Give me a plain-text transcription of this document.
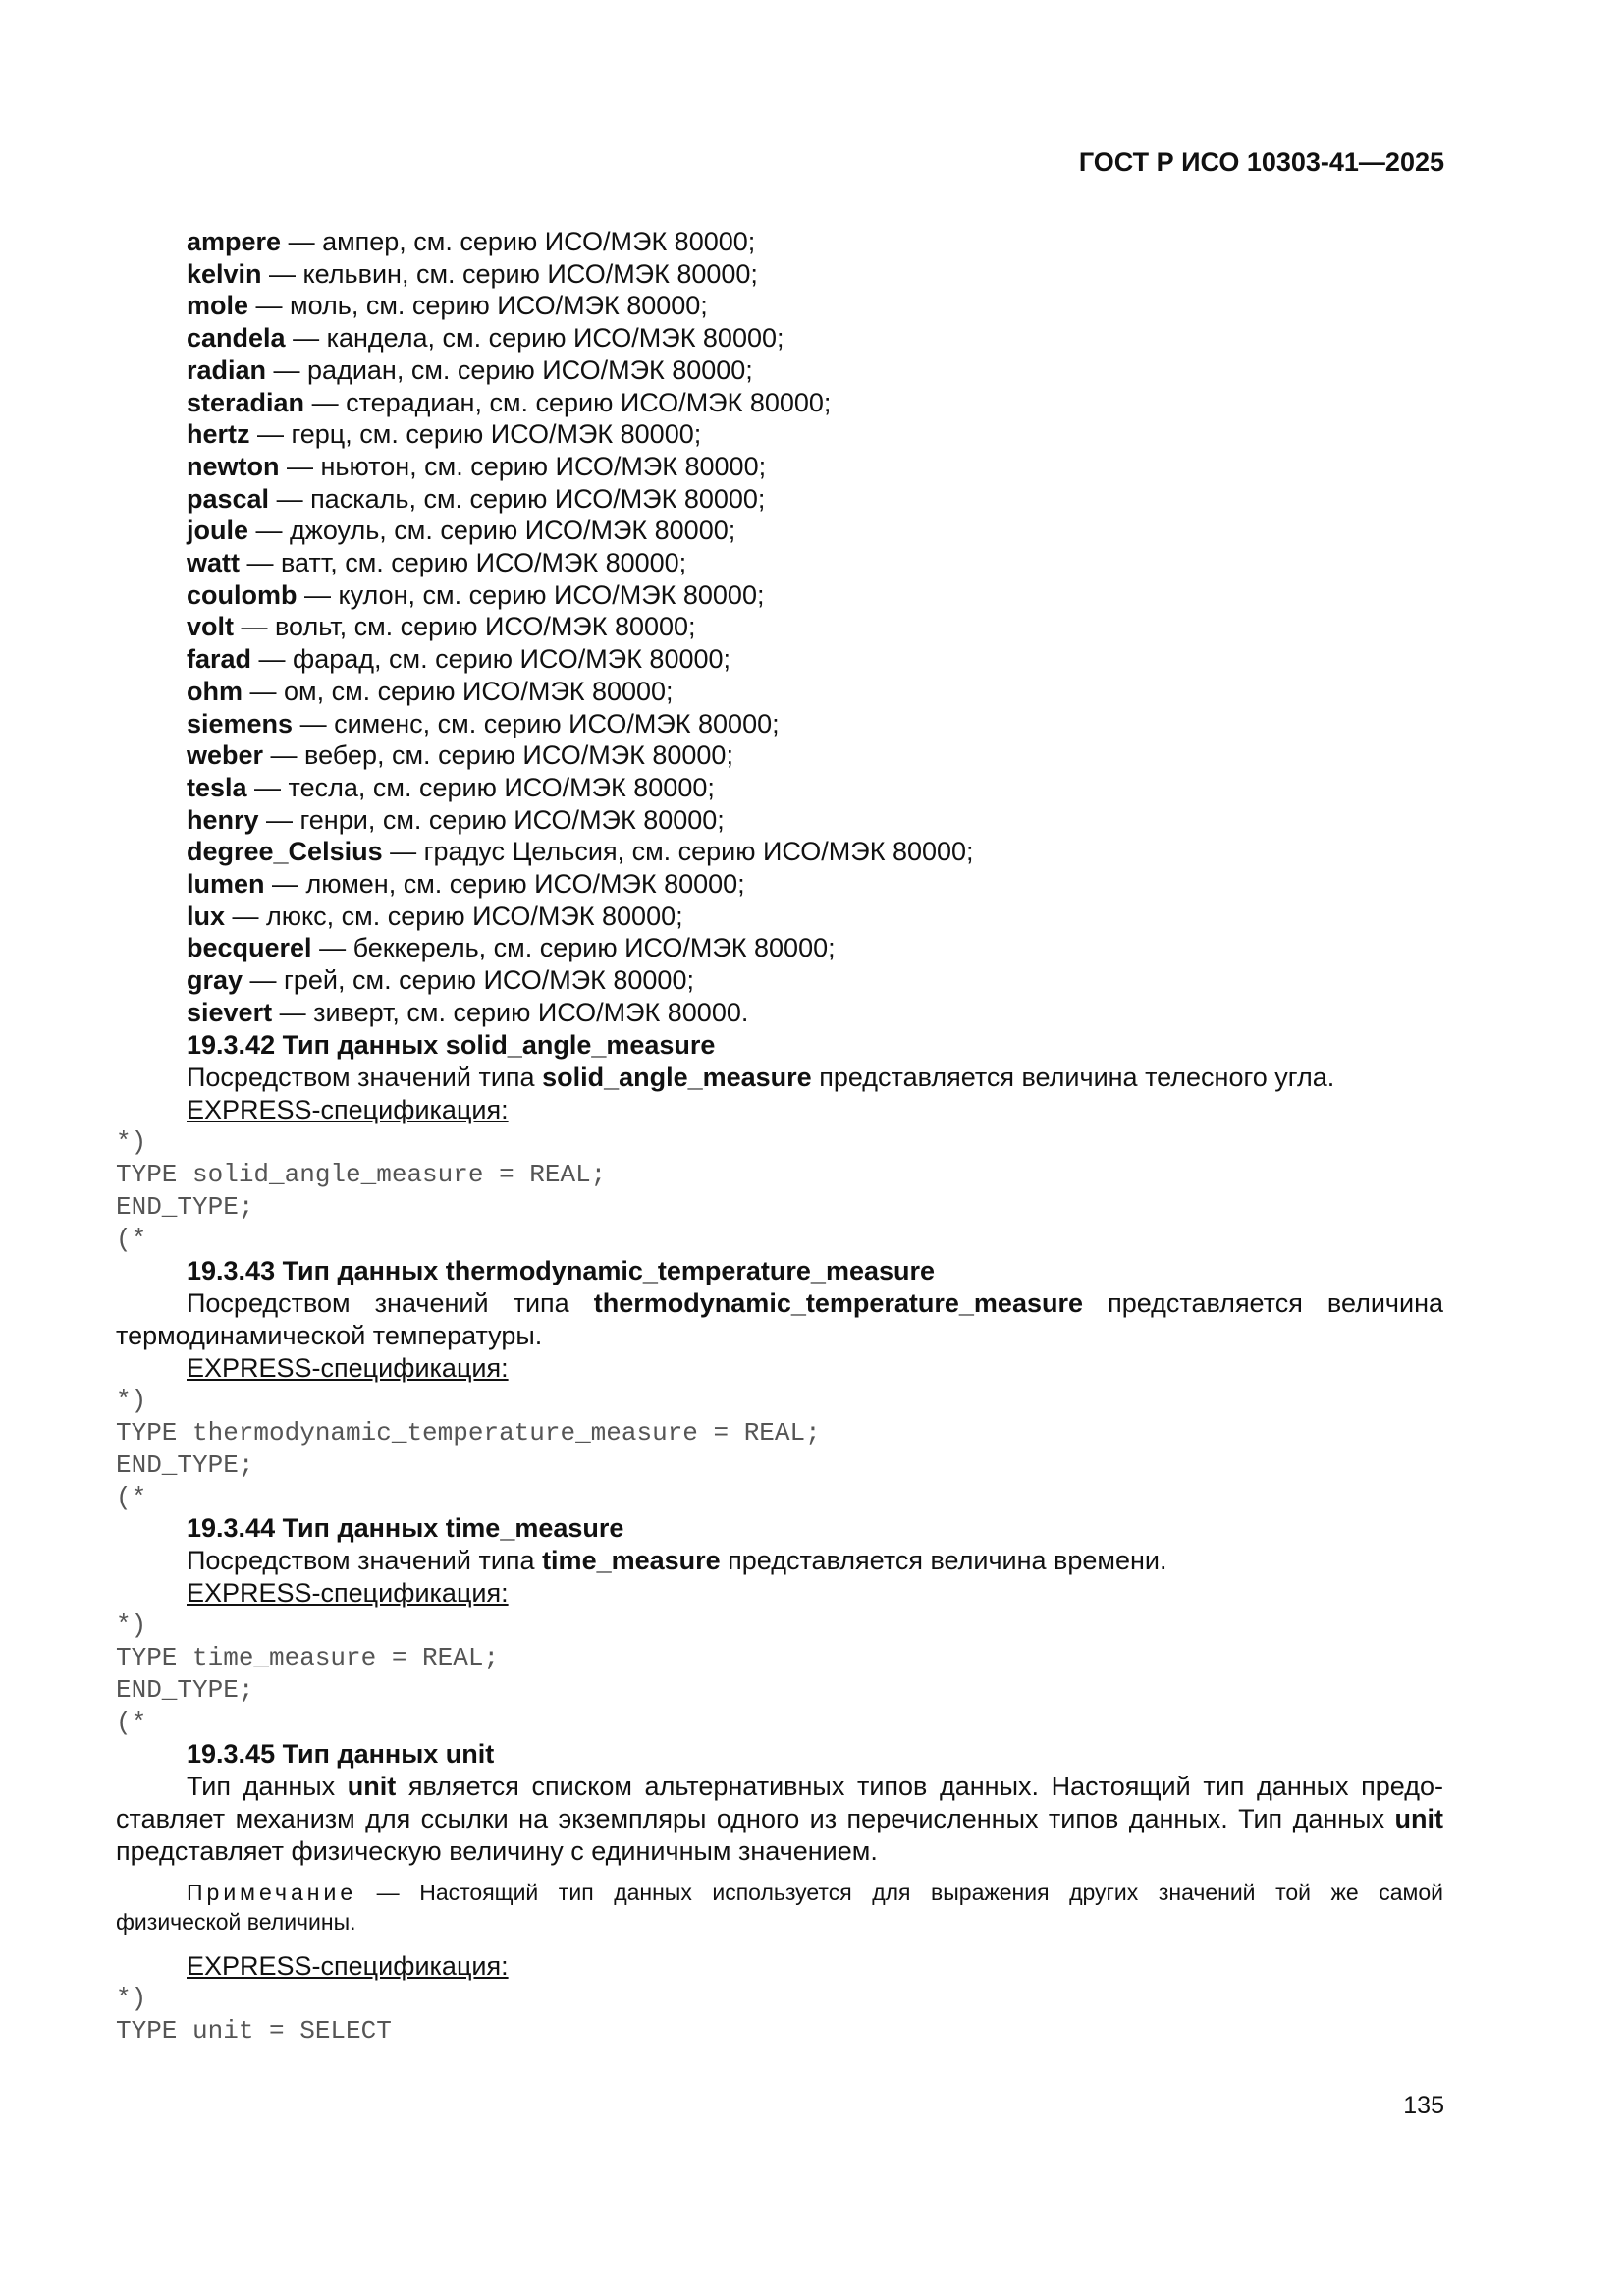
ГОСТ Р ИСО 10303-41—2025
ampere — ампер, см. серию ИСО/МЭК 80000;
kelvin — кельвин, см. серию ИСО/МЭК 80000;
mole — моль, см. серию ИСО/МЭК 80000;
candela — кандела, см. серию ИСО/МЭК 80000;
radian — радиан, см. серию ИСО/МЭК 80000;
steradian — стерадиан, см. серию ИСО/МЭК 80000;
hertz — герц, см. серию ИСО/МЭК 80000;
newton — ньютон, см. серию ИСО/МЭК 80000;
pascal — паскаль, см. серию ИСО/МЭК 80000;
joule — джоуль, см. серию ИСО/МЭК 80000;
watt — ватт, см. серию ИСО/МЭК 80000;
coulomb — кулон, см. серию ИСО/МЭК 80000;
volt — вольт, см. серию ИСО/МЭК 80000;
farad — фарад, см. серию ИСО/МЭК 80000;
ohm — ом, см. серию ИСО/МЭК 80000;
siemens — сименс, см. серию ИСО/МЭК 80000;
weber — вебер, см. серию ИСО/МЭК 80000;
tesla — тесла, см. серию ИСО/МЭК 80000;
henry — генри, см. серию ИСО/МЭК 80000;
degree_Celsius — градус Цельсия, см. серию ИСО/МЭК 80000;
lumen — люмен, см. серию ИСО/МЭК 80000;
lux — люкс, см. серию ИСО/МЭК 80000;
becquerel — беккерель, см. серию ИСО/МЭК 80000;
gray — грей, см. серию ИСО/МЭК 80000;
sievert — зиверт, см. серию ИСО/МЭК 80000.
19.3.42 Тип данных solid_angle_measure
Посредством значений типа solid_angle_measure представляется величина телесного угла.
EXPRESS-спецификация:
*)
TYPE solid_angle_measure = REAL;
END_TYPE;
(*
19.3.43 Тип данных thermodynamic_temperature_measure
Посредством значений типа thermodynamic_temperature_measure представляется величина
термодинамической температуры.
EXPRESS-спецификация:
*)
TYPE thermodynamic_temperature_measure = REAL;
END_TYPE;
(*
19.3.44 Тип данных time_measure
Посредством значений типа time_measure представляется величина времени.
EXPRESS-спецификация:
*)
TYPE time_measure = REAL;
END_TYPE;
(*
19.3.45 Тип данных unit
Тип данных unit является списком альтернативных типов данных. Настоящий тип данных предо-
ставляет механизм для ссылки на экземпляры одного из перечисленных типов данных. Тип данных unit
представляет физическую величину с единичным значением.
Примечание — Настоящий тип данных используется для выражения других значений той же самой
физической величины.
EXPRESS-спецификация:
*)
TYPE unit = SELECT
135
